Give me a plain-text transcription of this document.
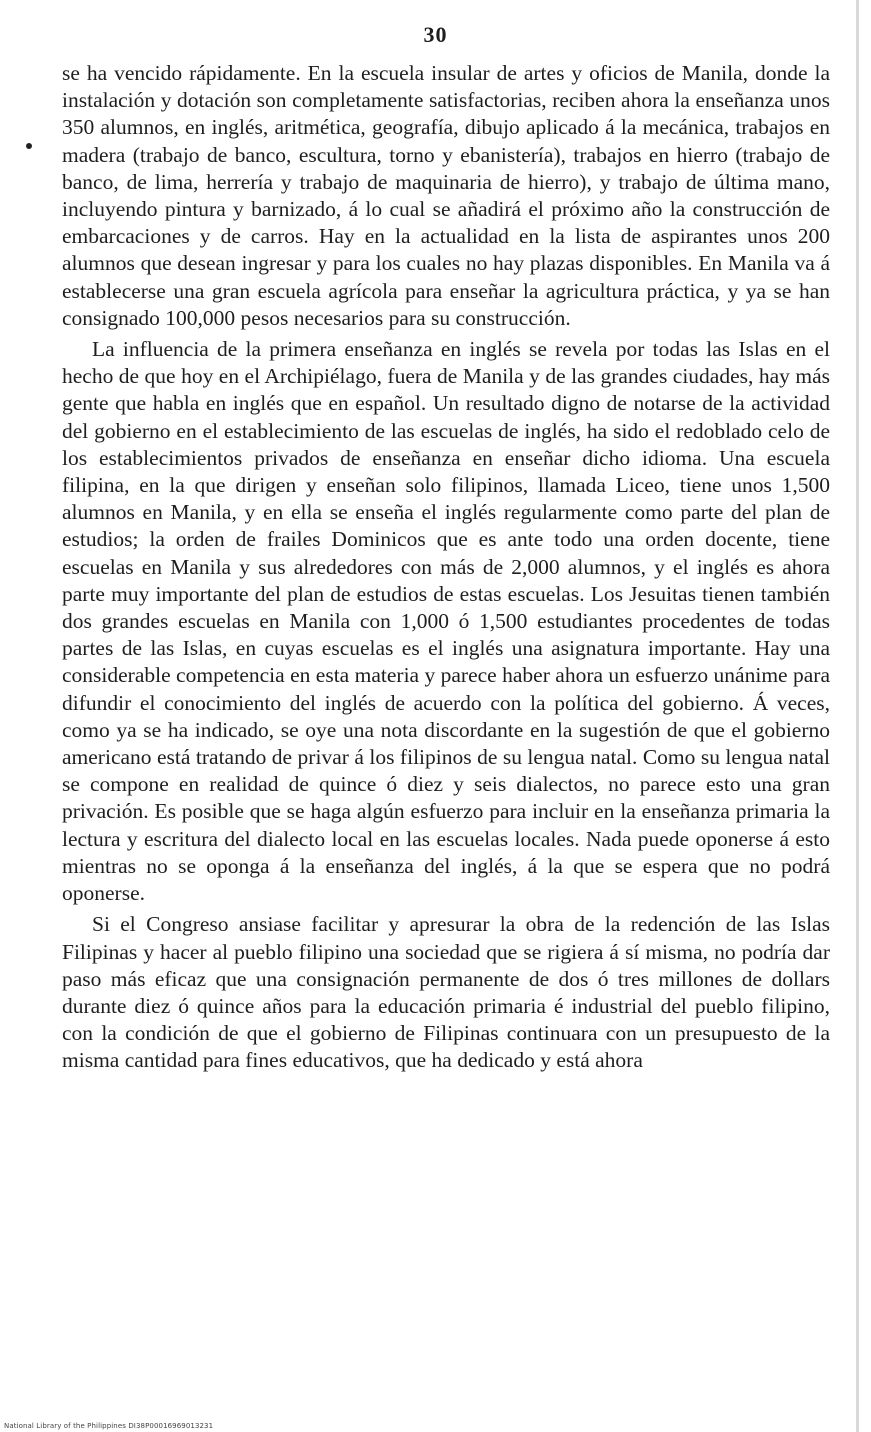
30

se ha vencido rápidamente. En la escuela insular de artes y oficios de Manila, donde la instalación y dotación son completamente satisfactorias, reciben ahora la enseñanza unos 350 alumnos, en inglés, aritmética, geografía, dibujo aplicado á la mecánica, trabajos en madera (trabajo de banco, escultura, torno y ebanistería), trabajos en hierro (trabajo de banco, de lima, herrería y trabajo de maquinaria de hierro), y trabajo de última mano, incluyendo pintura y barnizado, á lo cual se añadirá el próximo año la construcción de embarcaciones y de carros. Hay en la actualidad en la lista de aspirantes unos 200 alumnos que desean ingresar y para los cuales no hay plazas disponibles. En Manila va á establecerse una gran escuela agrícola para enseñar la agricultura práctica, y ya se han consignado 100,000 pesos necesarios para su construcción.

La influencia de la primera enseñanza en inglés se revela por todas las Islas en el hecho de que hoy en el Archipiélago, fuera de Manila y de las grandes ciudades, hay más gente que habla en inglés que en español. Un resultado digno de notarse de la actividad del gobierno en el establecimiento de las escuelas de inglés, ha sido el redoblado celo de los establecimientos privados de enseñanza en enseñar dicho idioma. Una escuela filipina, en la que dirigen y enseñan solo filipinos, llamada Liceo, tiene unos 1,500 alumnos en Manila, y en ella se enseña el inglés regularmente como parte del plan de estudios; la orden de frailes Dominicos que es ante todo una orden docente, tiene escuelas en Manila y sus alrededores con más de 2,000 alumnos, y el inglés es ahora parte muy importante del plan de estudios de estas escuelas. Los Jesuitas tienen también dos grandes escuelas en Manila con 1,000 ó 1,500 estudiantes procedentes de todas partes de las Islas, en cuyas escuelas es el inglés una asignatura importante. Hay una considerable competencia en esta materia y parece haber ahora un esfuerzo unánime para difundir el conocimiento del inglés de acuerdo con la política del gobierno. Á veces, como ya se ha indicado, se oye una nota discordante en la sugestión de que el gobierno americano está tratando de privar á los filipinos de su lengua natal. Como su lengua natal se compone en realidad de quince ó diez y seis dialectos, no parece esto una gran privación. Es posible que se haga algún esfuerzo para incluir en la enseñanza primaria la lectura y escritura del dialecto local en las escuelas locales. Nada puede oponerse á esto mientras no se oponga á la enseñanza del inglés, á la que se espera que no podrá oponerse.

Si el Congreso ansiase facilitar y apresurar la obra de la redención de las Islas Filipinas y hacer al pueblo filipino una sociedad que se rigiera á sí misma, no podría dar paso más eficaz que una consignación permanente de dos ó tres millones de dollars durante diez ó quince años para la educación primaria é industrial del pueblo filipino, con la condición de que el gobierno de Filipinas continuara con un presupuesto de la misma cantidad para fines educativos, que ha dedicado y está ahora

National Library of the Philippines DI38P00016969013231
